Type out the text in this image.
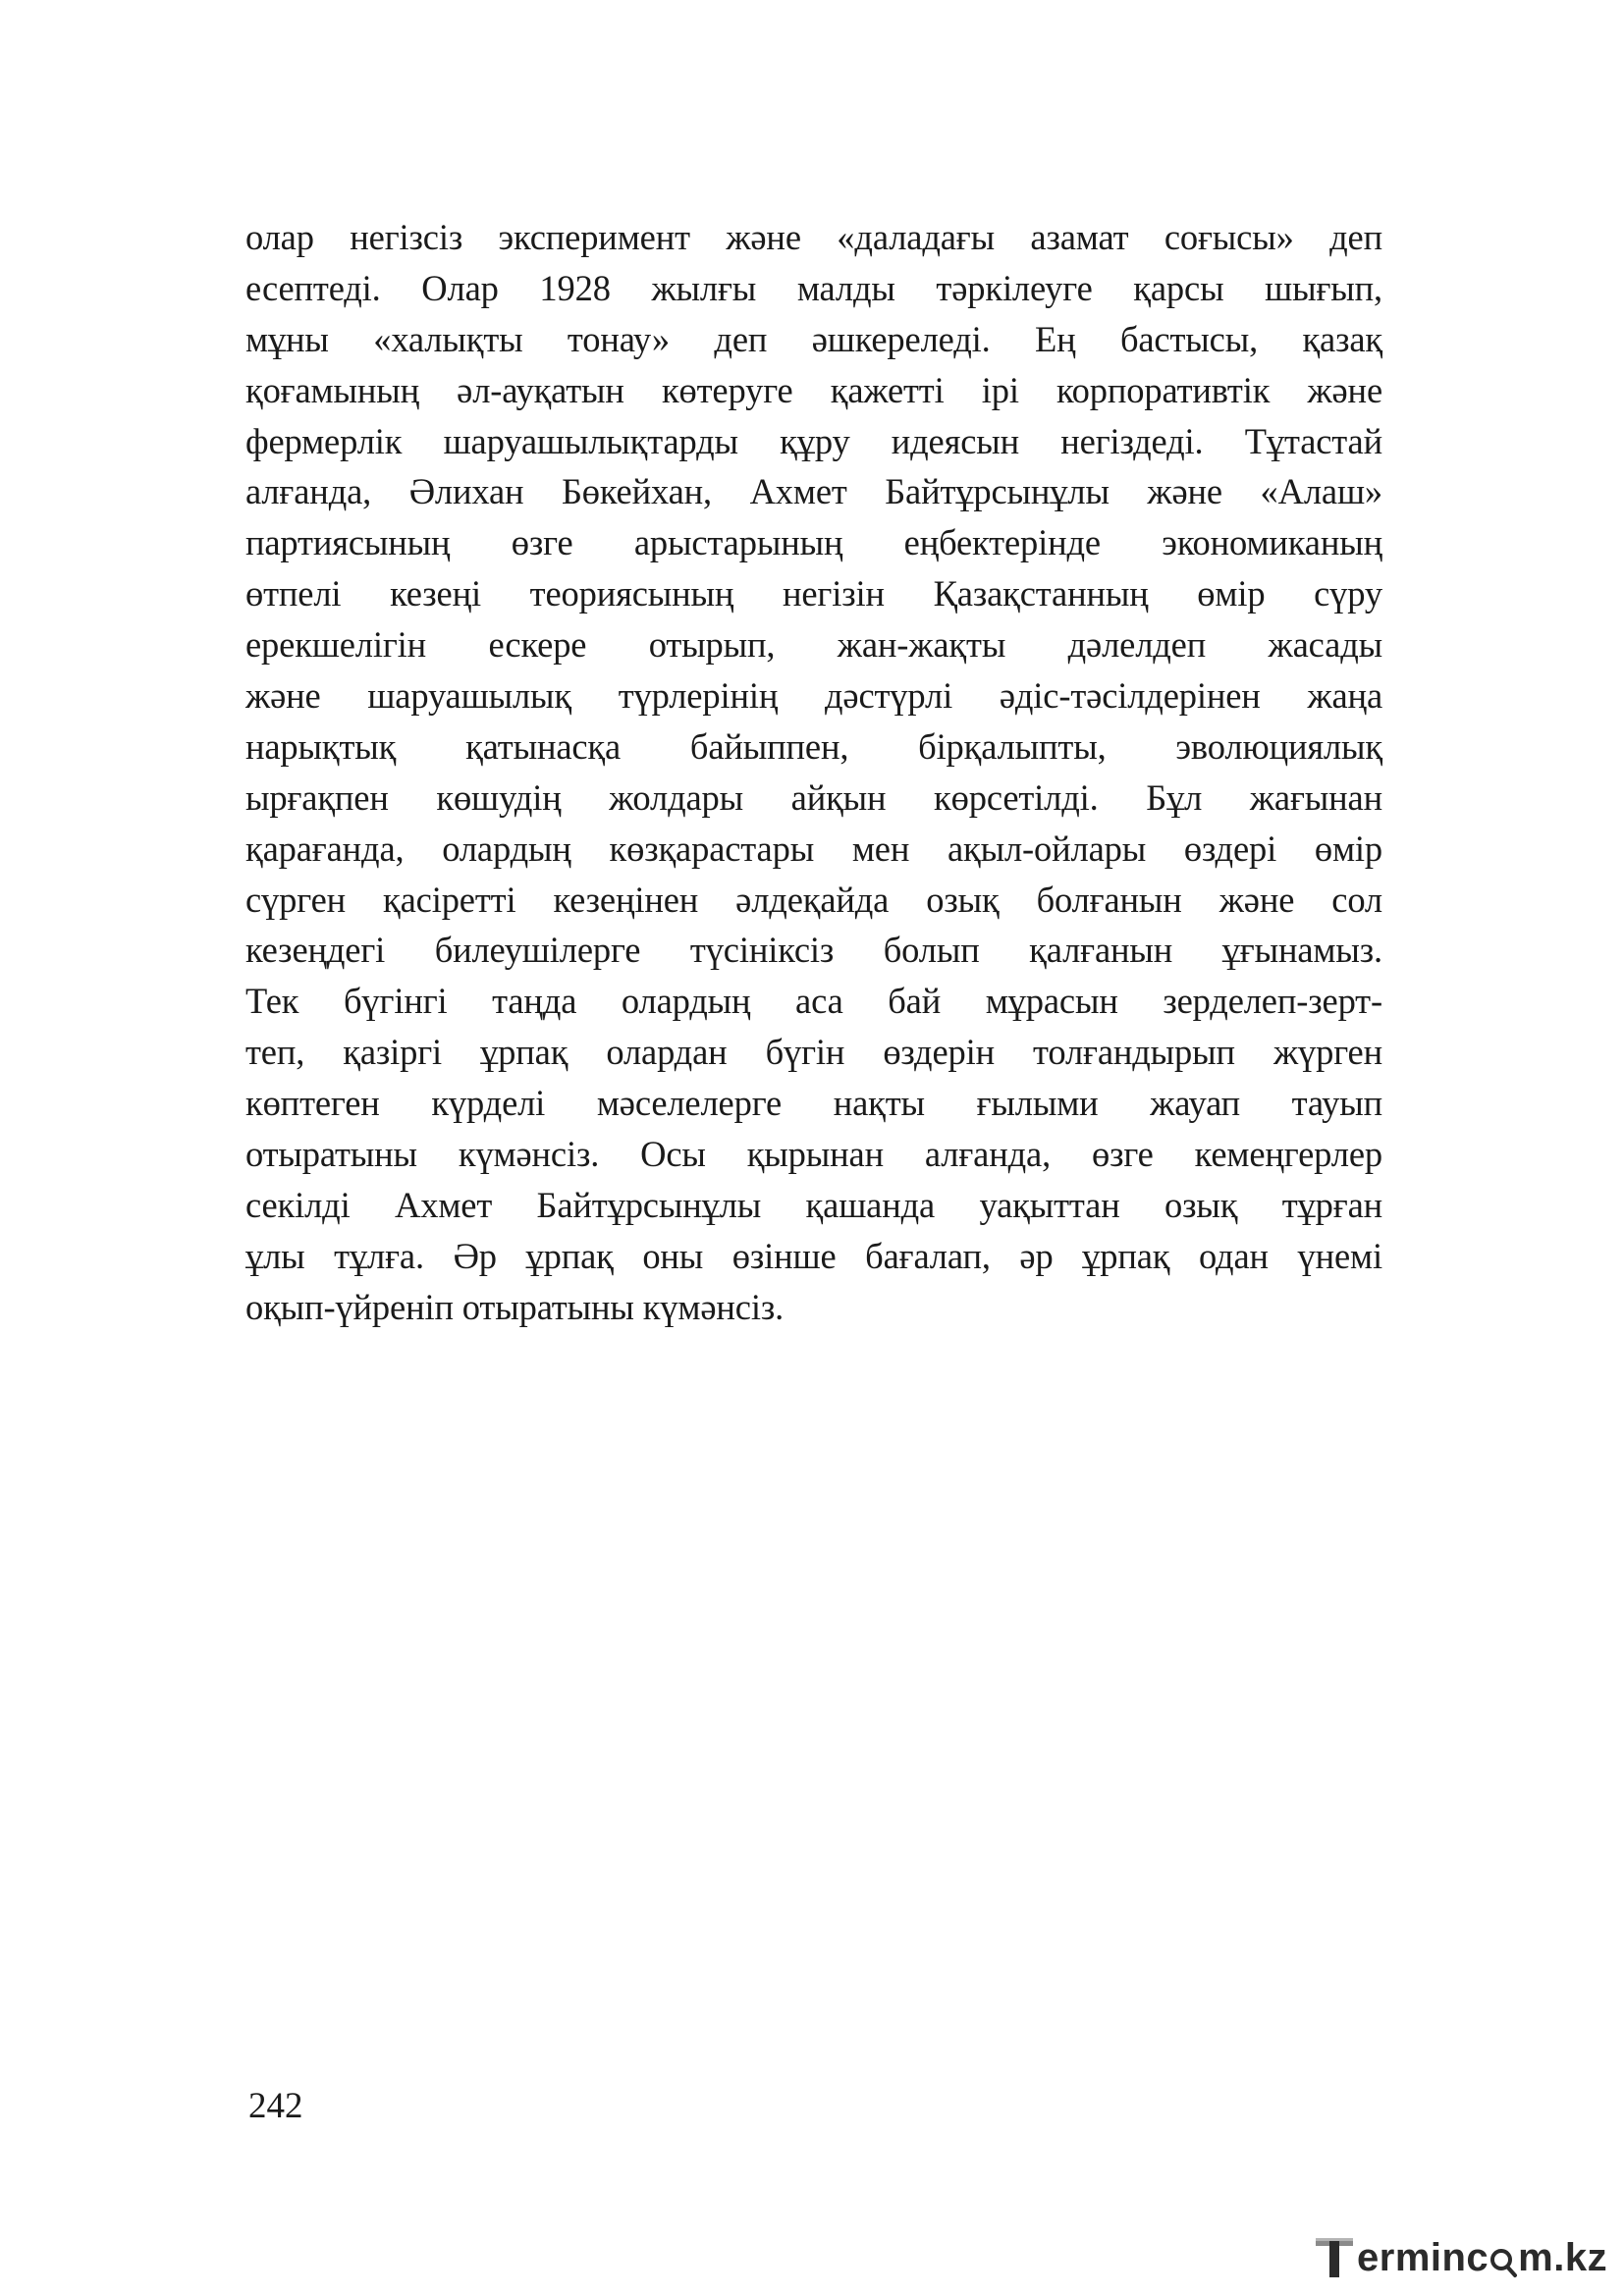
олар негізсіз эксперимент және «даладағы азамат соғысы» деп
есептеді. Олар 1928 жылғы малды тәркілеуге қарсы шығып,
мұны «халықты тонау» деп әшкереледі. Ең бастысы, қазақ
қоғамының әл-ауқатын көтеруге қажетті ірі корпоративтік және
фермерлік шаруашылықтарды құру идеясын негіздеді. Тұтастай
алғанда, Әлихан Бөкейхан, Ахмет Байтұрсынұлы және «Алаш»
партиясының өзге арыстарының еңбектерінде экономиканың
өтпелі кезеңі теориясының негізін Қазақстанның өмір сүру
ерекшелігін ескере отырып, жан-жақты дәлелдеп жасады
және шаруашылық түрлерінің дәстүрлі әдіс-тәсілдерінен жаңа
нарықтық қатынасқа байыппен, бірқалыпты, эволюциялық
ырғақпен көшудің жолдары айқын көрсетілді. Бұл жағынан
қарағанда, олардың көзқарастары мен ақыл-ойлары өздері өмір
сүрген қасіретті кезеңінен әлдеқайда озық болғанын және сол
кезеңдегі билеушілерге түсініксіз болып қалғанын ұғынамыз.
Тек бүгінгі таңда олардың аса бай мұрасын зерделеп-зерт-
теп, қазіргі ұрпақ олардан бүгін өздерін толғандырып жүрген
көптеген күрделі мәселелерге нақты ғылыми жауап тауып
отыратыны күмәнсіз. Осы қырынан алғанда, өзге кемеңгерлер
секілді Ахмет Байтұрсынұлы қашанда уақыттан озық тұрған
ұлы тұлға. Әр ұрпақ оны өзінше бағалап, әр ұрпақ одан үнемі
оқып-үйреніп отыратыны күмәнсіз.
242
erminc m.kz
